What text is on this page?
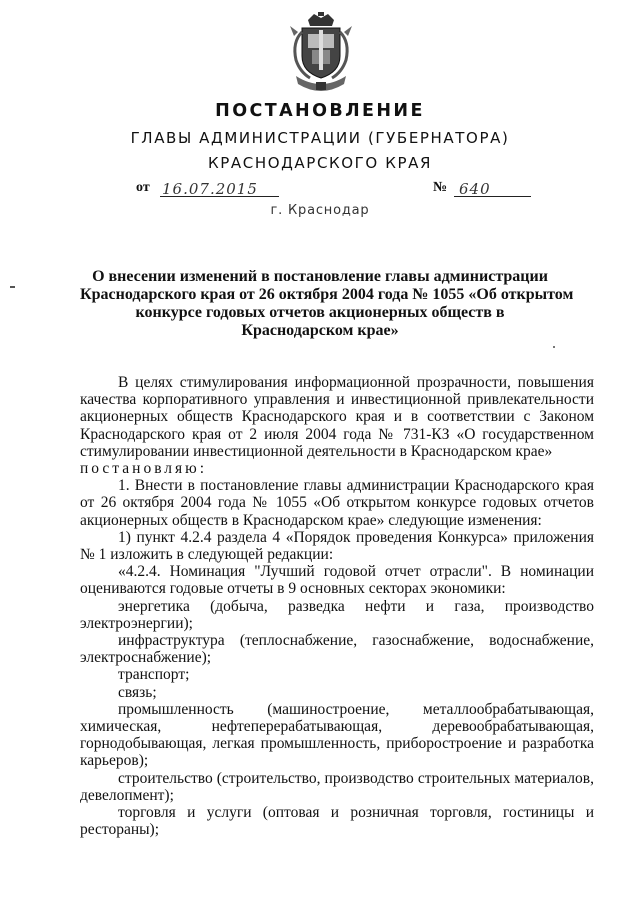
ПОСТАНОВЛЕНИЕ
ГЛАВЫ АДМИНИСТРАЦИИ (ГУБЕРНАТОРА)
КРАСНОДАРСКОГО КРАЯ
от 16.07.2015	№ 640
г. Краснодар
О внесении изменений в постановление главы администрации
Краснодарского края от 26 октября 2004 года № 1055 «Об открытом
конкурсе годовых отчетов акционерных обществ в
Краснодарском крае»

В целях стимулирования информационной прозрачности, повышения качества корпоративного управления и инвестиционной привлекательности акционерных обществ Краснодарского края и в соответствии с Законом Краснодарского края от 2 июля 2004 года № 731-КЗ «О государственном стимулировании инвестиционной деятельности в Краснодарском крае»

постановляю:

1. Внести в постановление главы администрации Краснодарского края от 26 октября 2004 года № 1055 «Об открытом конкурсе годовых отчетов акционерных обществ в Краснодарском крае» следующие изменения:

1) пункт 4.2.4 раздела 4 «Порядок проведения Конкурса» приложения № 1 изложить в следующей редакции:

«4.2.4. Номинация "Лучший годовой отчет отрасли". В номинации оцениваются годовые отчеты в 9 основных секторах экономики:

энергетика (добыча, разведка нефти и газа, производство электроэнергии);

инфраструктура (теплоснабжение, газоснабжение, водоснабжение, электроснабжение);

транспорт;

связь;

промышленность (машиностроение, металлообрабатывающая, химическая, нефтеперерабатывающая, деревообрабатывающая, горнодобывающая, легкая промышленность, приборостроение и разработка карьеров);

строительство (строительство, производство строительных материалов, девелопмент);

торговля и услуги (оптовая и розничная торговля, гостиницы и рестораны);
